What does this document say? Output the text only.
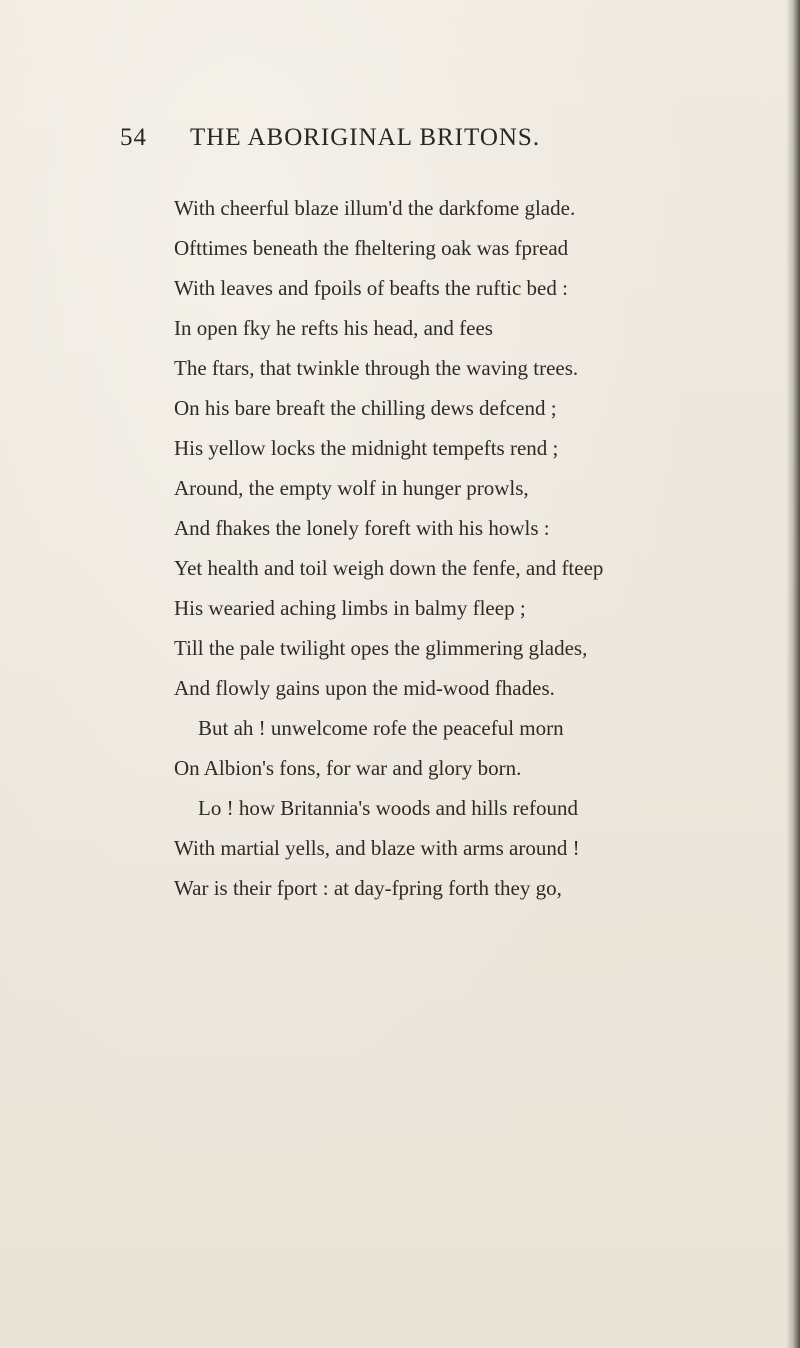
54 THE ABORIGINAL BRITONS.
With cheerful blaze illum'd the darkfome glade.
Ofttimes beneath the fheltering oak was fpread
With leaves and fpoils of beafts the ruftic bed :
In open fky he refts his head, and fees
The ftars, that twinkle through the waving trees.
On his bare breaft the chilling dews defcend ;
His yellow locks the midnight tempefts rend ;
Around, the empty wolf in hunger prowls,
And fhakes the lonely foreft with his howls :
Yet health and toil weigh down the fenfe, and fteep
His wearied aching limbs in balmy fleep ;
Till the pale twilight opes the glimmering glades,
And flowly gains upon the mid-wood fhades.
But ah ! unwelcome rofe the peaceful morn
On Albion's fons, for war and glory born.
Lo ! how Britannia's woods and hills refound
With martial yells, and blaze with arms around !
War is their fport : at day-fpring forth they go,
